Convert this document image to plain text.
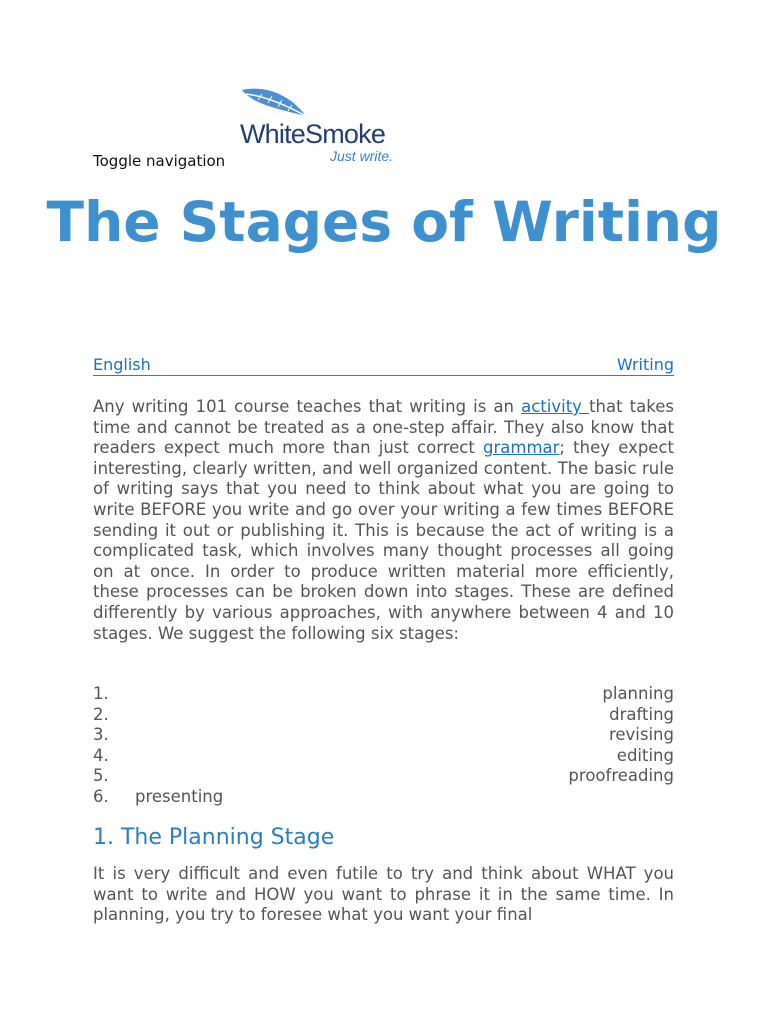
WhiteSmoke
Just write.
Toggle navigation
The Stages of Writing
English	Writing

Any writing 101 course teaches that writing is an activity that takes time and cannot be treated as a one-step affair. They also know that readers expect much more than just correct grammar; they expect interesting, clearly written, and well organized content. The basic rule of writing says that you need to think about what you are going to write BEFORE you write and go over your writing a few times BEFORE sending it out or publishing it. This is because the act of writing is a complicated task, which involves many thought processes all going on at once. In order to produce written material more efficiently, these processes can be broken down into stages. These are defined differently by various approaches, with anywhere between 4 and 10 stages. We suggest the following six stages:

1.	planning
2.	drafting
3.	revising
4.	editing
5.	proofreading
6.	presenting
1. The Planning Stage

It is very difficult and even futile to try and think about WHAT you want to write and HOW you want to phrase it in the same time. In planning, you try to foresee what you want your final
